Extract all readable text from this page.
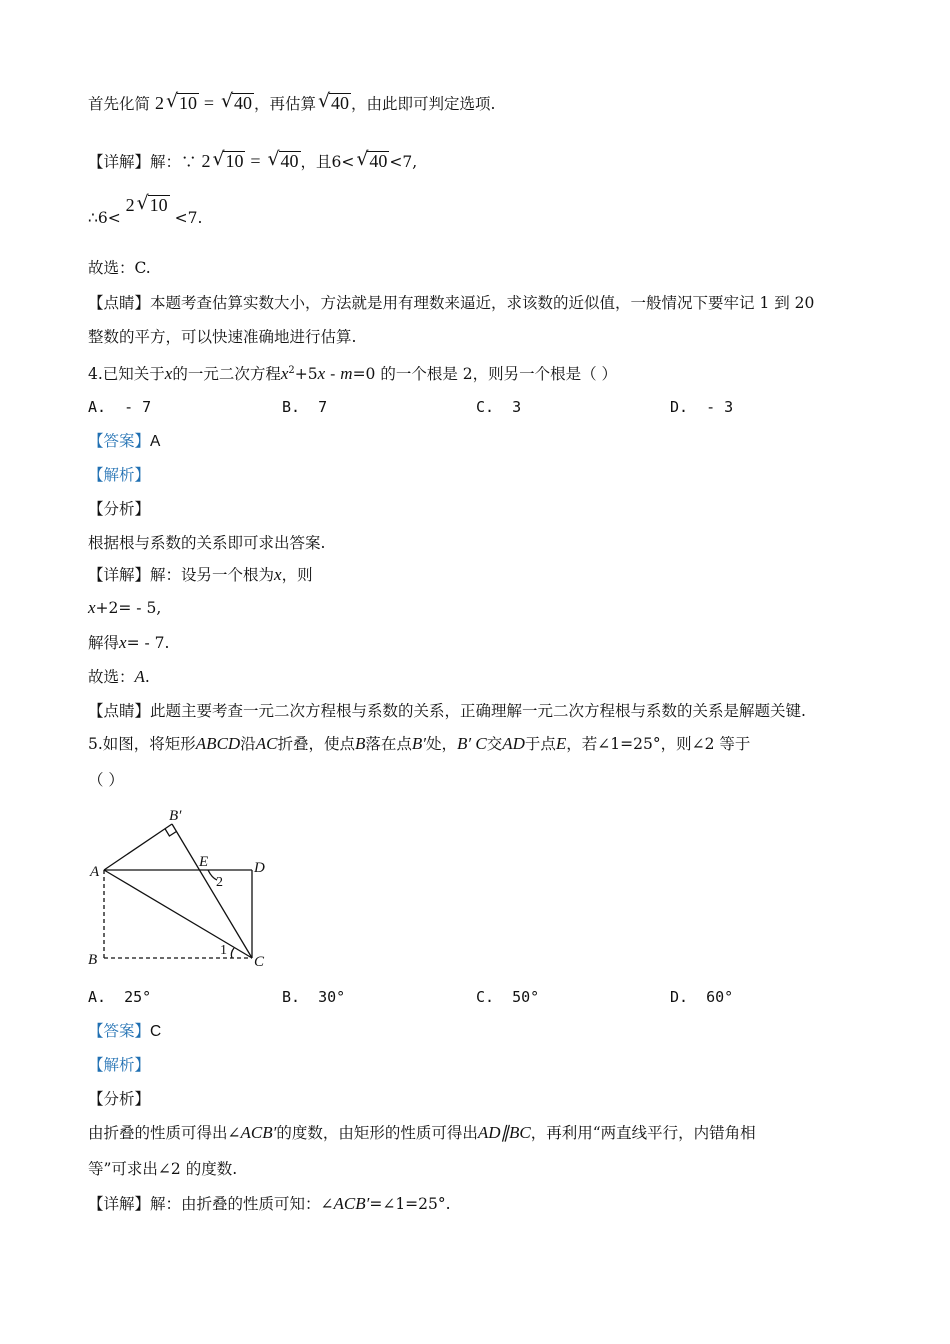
首先化简 2 √ 10 = √ 40 ，再估算 √ 40 ，由此即可判定选项.
【详解】解：∵ 2 √ 10 = √ 40 ，且6< √ 40 <7,
∴6< 2 √ 10 <7.
故选：C.
【点睛】本题考查估算实数大小，方法就是用有理数来逼近，求该数的近似值，一般情况下要牢记 1 到 20
整数的平方，可以快速准确地进行估算.
4.已知关于x的一元二次方程$x^2+5x - m=0$ 的一个根是 2，则另一个根是（ ）
A.  - 7	B. 7	C. 3	D.  - 3
【答案】A
【解析】
【分析】
根据根与系数的关系即可求出答案.
【详解】解：设另一个根为x，则
x+2= - 5,
解得x= - 7.
故选：A.
【点睛】此题主要考查一元二次方程根与系数的关系，正确理解一元二次方程根与系数的关系是解题关键.
5.如图，将矩形ABCD沿AC折叠，使点B落在点B′处，B′ C交AD于点E，若∠1=25°，则∠2 等于
（ ）
B′
A
E	D
B	C
2
1
A. 25°	B. 30°	C. 50°	D. 60°
【答案】C
【解析】
【分析】
由折叠的性质可得出∠ACB′的度数，由矩形的性质可得出AD∥BC，再利用“两直线平行，内错角相
等”可求出∠2 的度数.
【详解】解：由折叠的性质可知：∠ACB′=∠1=25°.
